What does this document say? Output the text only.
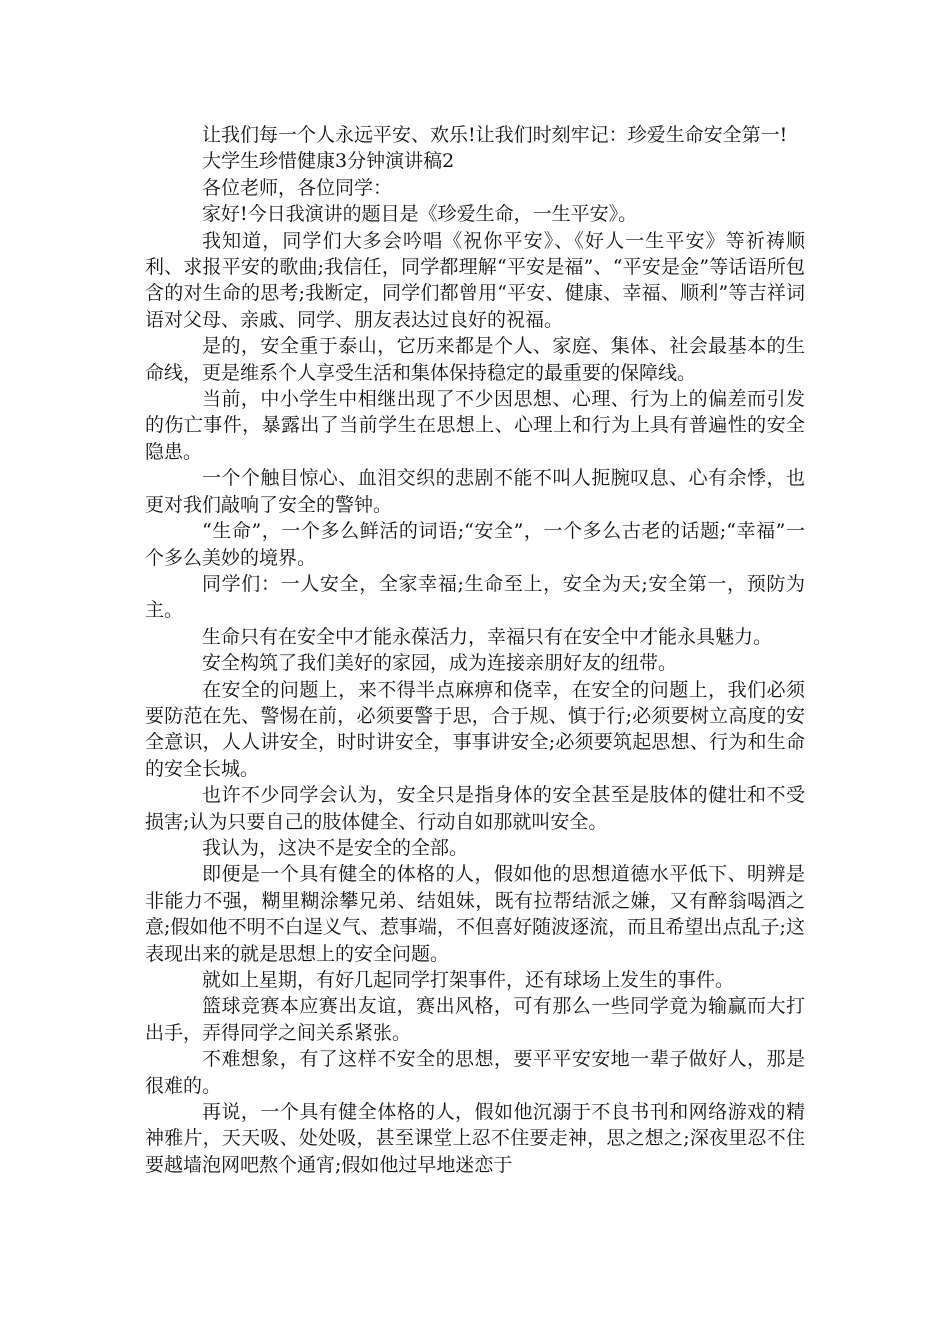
让我们每一个人永远平安、欢乐!让我们时刻牢记：珍爱生命安全第一!

大学生珍惜健康3分钟演讲稿2

各位老师，各位同学：

家好!今日我演讲的题目是《珍爱生命，一生平安》。

我知道，同学们大多会吟唱《祝你平安》、《好人一生平安》等祈祷顺利、求报平安的歌曲;我信任，同学都理解“平安是福”、“平安是金”等话语所包含的对生命的思考;我断定，同学们都曾用“平安、健康、幸福、顺利”等吉祥词语对父母、亲戚、同学、朋友表达过良好的祝福。

是的，安全重于泰山，它历来都是个人、家庭、集体、社会最基本的生命线，更是维系个人享受生活和集体保持稳定的最重要的保障线。

当前，中小学生中相继出现了不少因思想、心理、行为上的偏差而引发的伤亡事件，暴露出了当前学生在思想上、心理上和行为上具有普遍性的安全隐患。

一个个触目惊心、血泪交织的悲剧不能不叫人扼腕叹息、心有余悸，也更对我们敲响了安全的警钟。

“生命”，一个多么鲜活的词语;“安全”，一个多么古老的话题;“幸福”一个多么美妙的境界。

同学们：一人安全，全家幸福;生命至上，安全为天;安全第一，预防为主。

生命只有在安全中才能永葆活力，幸福只有在安全中才能永具魅力。

安全构筑了我们美好的家园，成为连接亲朋好友的纽带。

在安全的问题上，来不得半点麻痹和侥幸，在安全的问题上，我们必须要防范在先、警惕在前，必须要警于思，合于规、慎于行;必须要树立高度的安全意识，人人讲安全，时时讲安全，事事讲安全;必须要筑起思想、行为和生命的安全长城。

也许不少同学会认为，安全只是指身体的安全甚至是肢体的健壮和不受损害;认为只要自己的肢体健全、行动自如那就叫安全。

我认为，这决不是安全的全部。

即便是一个具有健全的体格的人，假如他的思想道德水平低下、明辨是非能力不强，糊里糊涂攀兄弟、结姐妹，既有拉帮结派之嫌，又有醉翁喝酒之意;假如他不明不白逞义气、惹事端，不但喜好随波逐流，而且希望出点乱子;这表现出来的就是思想上的安全问题。

就如上星期，有好几起同学打架事件，还有球场上发生的事件。

篮球竞赛本应赛出友谊，赛出风格，可有那么一些同学竟为输赢而大打出手，弄得同学之间关系紧张。

不难想象，有了这样不安全的思想，要平平安安地一辈子做好人，那是很难的。

再说，一个具有健全体格的人，假如他沉溺于不良书刊和网络游戏的精神雅片，天天吸、处处吸，甚至课堂上忍不住要走神，思之想之;深夜里忍不住要越墙泡网吧熬个通宵;假如他过早地迷恋于
